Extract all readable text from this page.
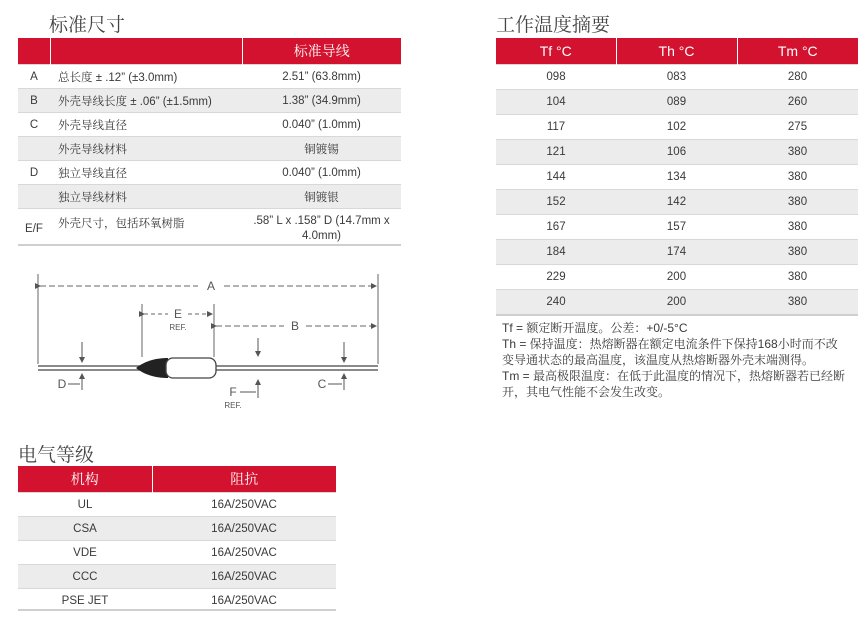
标准尺寸
		标准导线
A	总长度 ± .12” (±3.0mm)	2.51” (63.8mm)
B	外壳导线长度 ± .06” (±1.5mm)	1.38” (34.9mm)
C	外壳导线直径	0.040” (1.0mm)
	外壳导线材料	铜镀锡
D	独立导线直径	0.040” (1.0mm)
	独立导线材料	铜镀银
E/F	外壳尺寸，包括环氧树脂	.58” L x .158” D (14.7mm x 4.0mm)
A
E
REF.	B
D	C
F
REF.
电气等级
机构	阻抗
UL	16A/250VAC
CSA	16A/250VAC
VDE	16A/250VAC
CCC	16A/250VAC
PSE JET	16A/250VAC
工作温度摘要
Tf °C	Th °C	Tm °C
098	083	280
104	089	260
117	102	275
121	106	380
144	134	380
152	142	380
167	157	380
184	174	380
229	200	380
240	200	380

Tf = 额定断开温度。公差：+0/-5°C

Th = 保持温度：热熔断器在额定电流条件下保持168小时而不改变导通状态的最高温度，该温度从热熔断器外壳末端测得。

Tm = 最高极限温度：在低于此温度的情况下，热熔断器若已经断开，其电气性能不会发生改变。
